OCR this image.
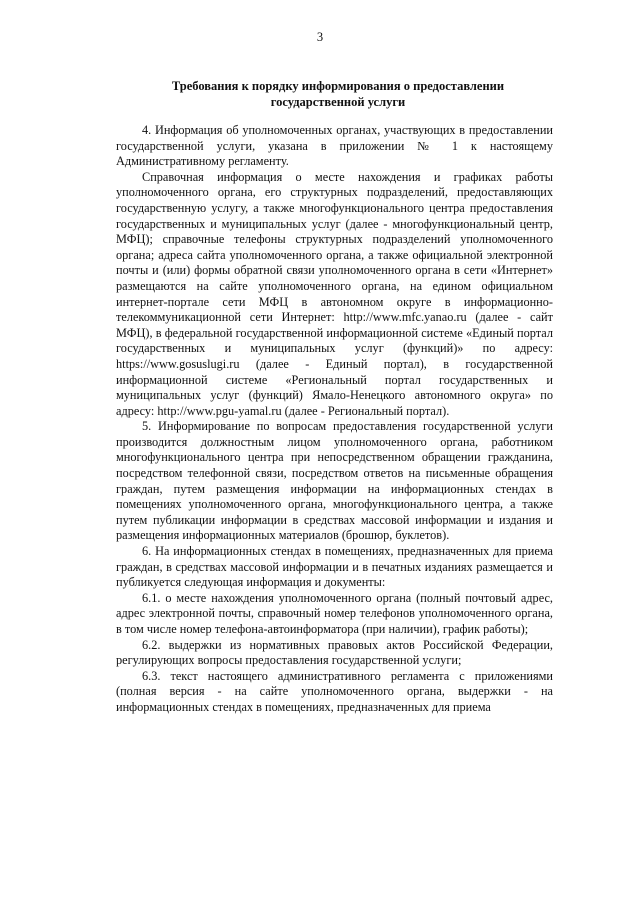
3
Требования к порядку информирования о предоставлении
государственной услуги

4. Информация об уполномоченных органах, участвующих в предоставлении государственной услуги, указана в приложении № 1 к настоящему Административному регламенту.

Справочная информация о месте нахождения и графиках работы уполномоченного органа, его структурных подразделений, предоставляющих государственную услугу, а также многофункционального центра предоставления государственных и муниципальных услуг (далее - многофункциональный центр, МФЦ); справочные телефоны структурных подразделений уполномоченного органа; адреса сайта уполномоченного органа, а также официальной электронной почты и (или) формы обратной связи уполномоченного органа в сети «Интернет» размещаются на сайте уполномоченного органа, на едином официальном интернет-портале сети МФЦ в автономном округе в информационно-телекоммуникационной сети Интернет: http://www.mfc.yanao.ru (далее - сайт МФЦ), в федеральной государственной информационной системе «Единый портал государственных и муниципальных услуг (функций)» по адресу: https://www.gosuslugi.ru (далее - Единый портал), в государственной информационной системе «Региональный портал государственных и муниципальных услуг (функций) Ямало-Ненецкого автономного округа» по адресу: http://www.pgu-yamal.ru (далее - Региональный портал).

5. Информирование по вопросам предоставления государственной услуги производится должностным лицом уполномоченного органа, работником многофункционального центра при непосредственном обращении гражданина, посредством телефонной связи, посредством ответов на письменные обращения граждан, путем размещения информации на информационных стендах в помещениях уполномоченного органа, многофункционального центра, а также путем публикации информации в средствах массовой информации и издания и размещения информационных материалов (брошюр, буклетов).

6. На информационных стендах в помещениях, предназначенных для приема граждан, в средствах массовой информации и в печатных изданиях размещается и публикуется следующая информация и документы:

6.1. о месте нахождения уполномоченного органа (полный почтовый адрес, адрес электронной почты, справочный номер телефонов уполномоченного органа, в том числе номер телефона-автоинформатора (при наличии), график работы);

6.2. выдержки из нормативных правовых актов Российской Федерации, регулирующих вопросы предоставления государственной услуги;

6.3. текст настоящего административного регламента с приложениями (полная версия - на сайте уполномоченного органа, выдержки - на информационных стендах в помещениях, предназначенных для приема
